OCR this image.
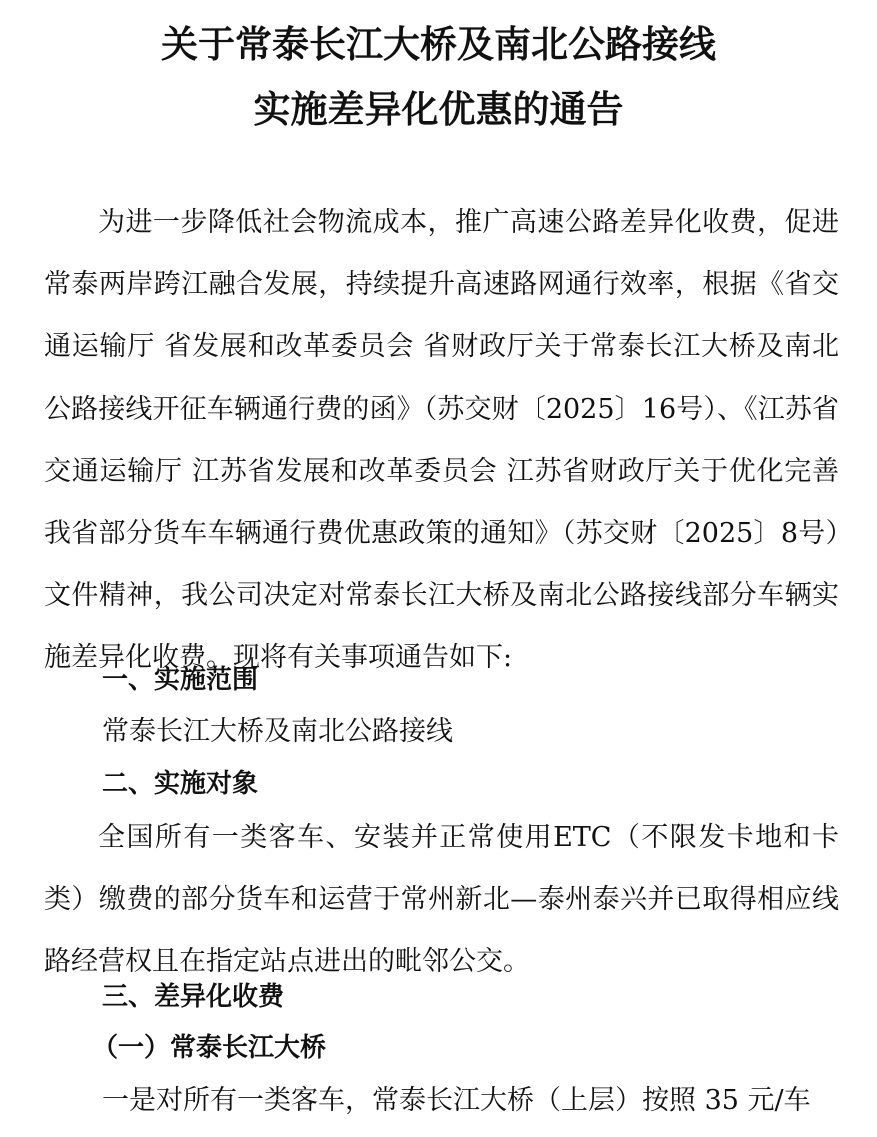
关于常泰长江大桥及南北公路接线
实施差异化优惠的通告

为进一步降低社会物流成本，推广高速公路差异化收费，促进常泰两岸跨江融合发展，持续提升高速路网通行效率，根据《省交通运输厅 省发展和改革委员会 省财政厅关于常泰长江大桥及南北公路接线开征车辆通行费的函》（苏交财〔2025〕16号）、《江苏省交通运输厅 江苏省发展和改革委员会 江苏省财政厅关于优化完善我省部分货车车辆通行费优惠政策的通知》（苏交财〔2025〕8号）文件精神，我公司决定对常泰长江大桥及南北公路接线部分车辆实施差异化收费。现将有关事项通告如下:

一、实施范围

常泰长江大桥及南北公路接线

二、实施对象

全国所有一类客车、安装并正常使用ETC（不限发卡地和卡类）缴费的部分货车和运营于常州新北—泰州泰兴并已取得相应线路经营权且在指定站点进出的毗邻公交。

三、差异化收费

（一）常泰长江大桥

一是对所有一类客车，常泰长江大桥（上层）按照 35 元/车
